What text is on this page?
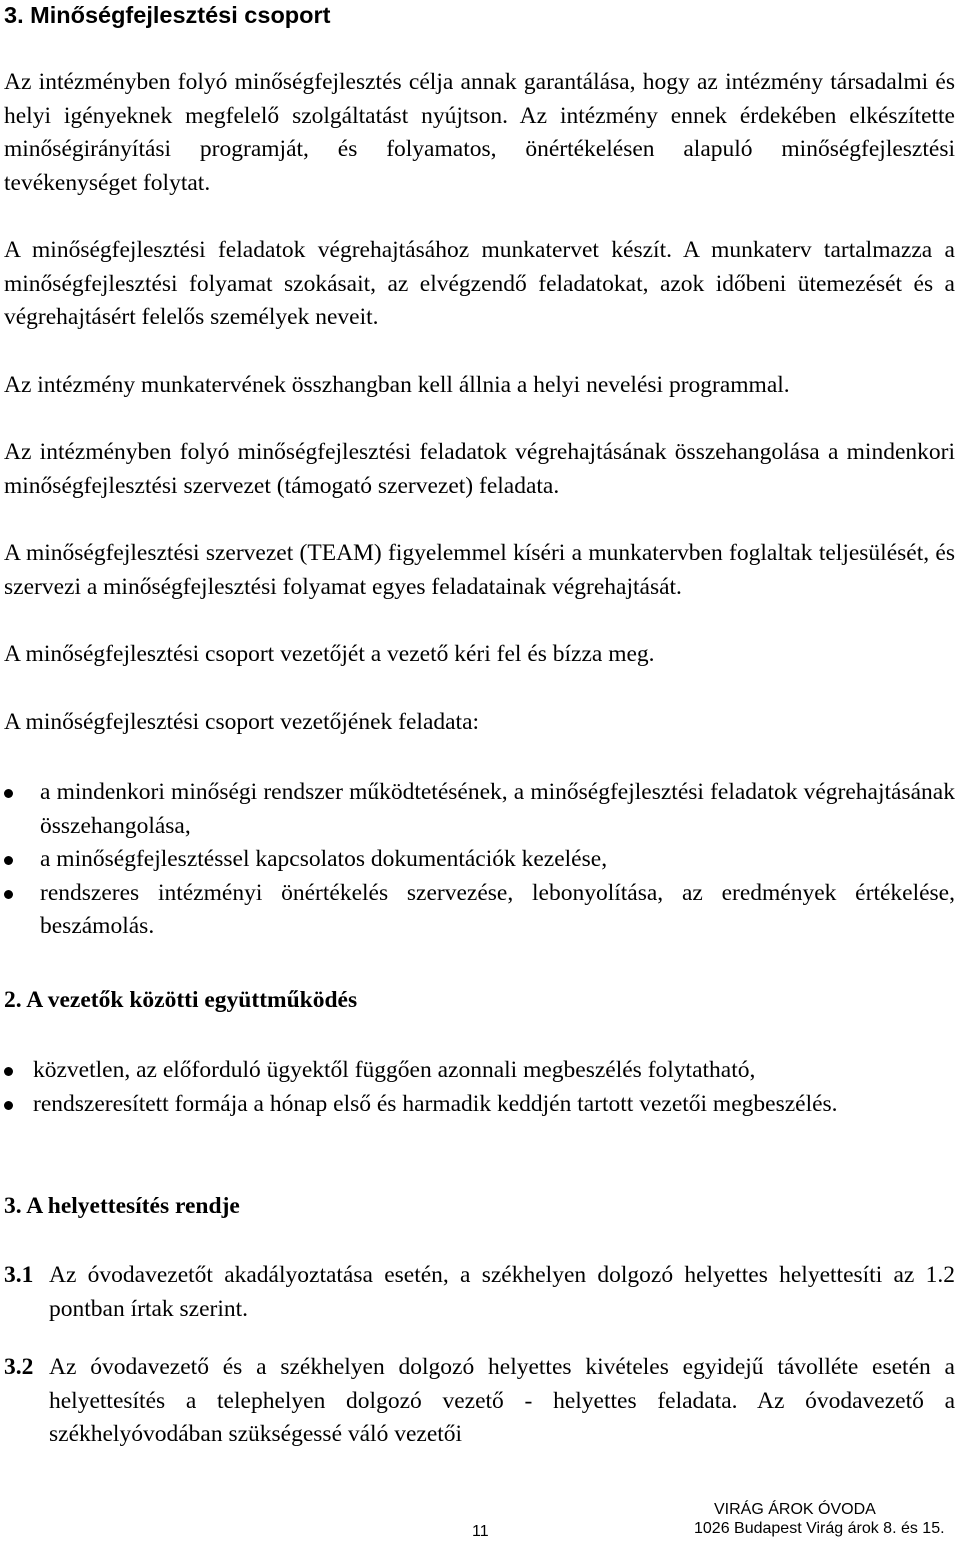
3. Minőségfejlesztési csoport
Az intézményben folyó minőségfejlesztés célja annak garantálása, hogy az intézmény társadalmi és helyi igényeknek megfelelő szolgáltatást nyújtson. Az intézmény ennek érdekében elkészítette minőségirányítási programját, és folyamatos, önértékelésen alapuló minőségfejlesztési tevékenységet folytat.
A minőségfejlesztési feladatok végrehajtásához munkatervet készít. A munkaterv tartalmazza a minőségfejlesztési folyamat szokásait, az elvégzendő feladatokat, azok időbeni ütemezését és a végrehajtásért felelős személyek neveit.
Az intézmény munkatervének összhangban kell állnia a helyi nevelési programmal.
Az intézményben folyó minőségfejlesztési feladatok végrehajtásának összehangolása a mindenkori minőségfejlesztési szervezet (támogató szervezet) feladata.
A minőségfejlesztési szervezet (TEAM) figyelemmel kíséri a munkatervben foglaltak teljesülését, és szervezi a minőségfejlesztési folyamat egyes feladatainak végrehajtását.
A minőségfejlesztési csoport vezetőjét a vezető kéri fel és bízza meg.
A minőségfejlesztési csoport vezetőjének feladata:
a mindenkori minőségi rendszer működtetésének, a minőségfejlesztési feladatok végrehajtásának összehangolása,
a minőségfejlesztéssel kapcsolatos dokumentációk kezelése,
rendszeres intézményi önértékelés szervezése, lebonyolítása, az eredmények értékelése, beszámolás.
2. A vezetők közötti együttműködés
közvetlen, az előforduló ügyektől függően azonnali megbeszélés folytatható,
rendszeresített formája a hónap első és harmadik keddjén tartott vezetői megbeszélés.
3. A helyettesítés rendje
3.1 Az óvodavezetőt akadályoztatása esetén, a székhelyen dolgozó helyettes helyettesíti az 1.2 pontban írtak szerint.
3.2 Az óvodavezető és a székhelyen dolgozó helyettes kivételes egyidejű távolléte esetén a helyettesítés a telephelyen dolgozó vezető - helyettes feladata. Az óvodavezető a székhelyóvodában szükségessé váló vezetői
11
VIRÁG ÁROK ÓVODA
1026 Budapest Virág árok 8. és 15.
